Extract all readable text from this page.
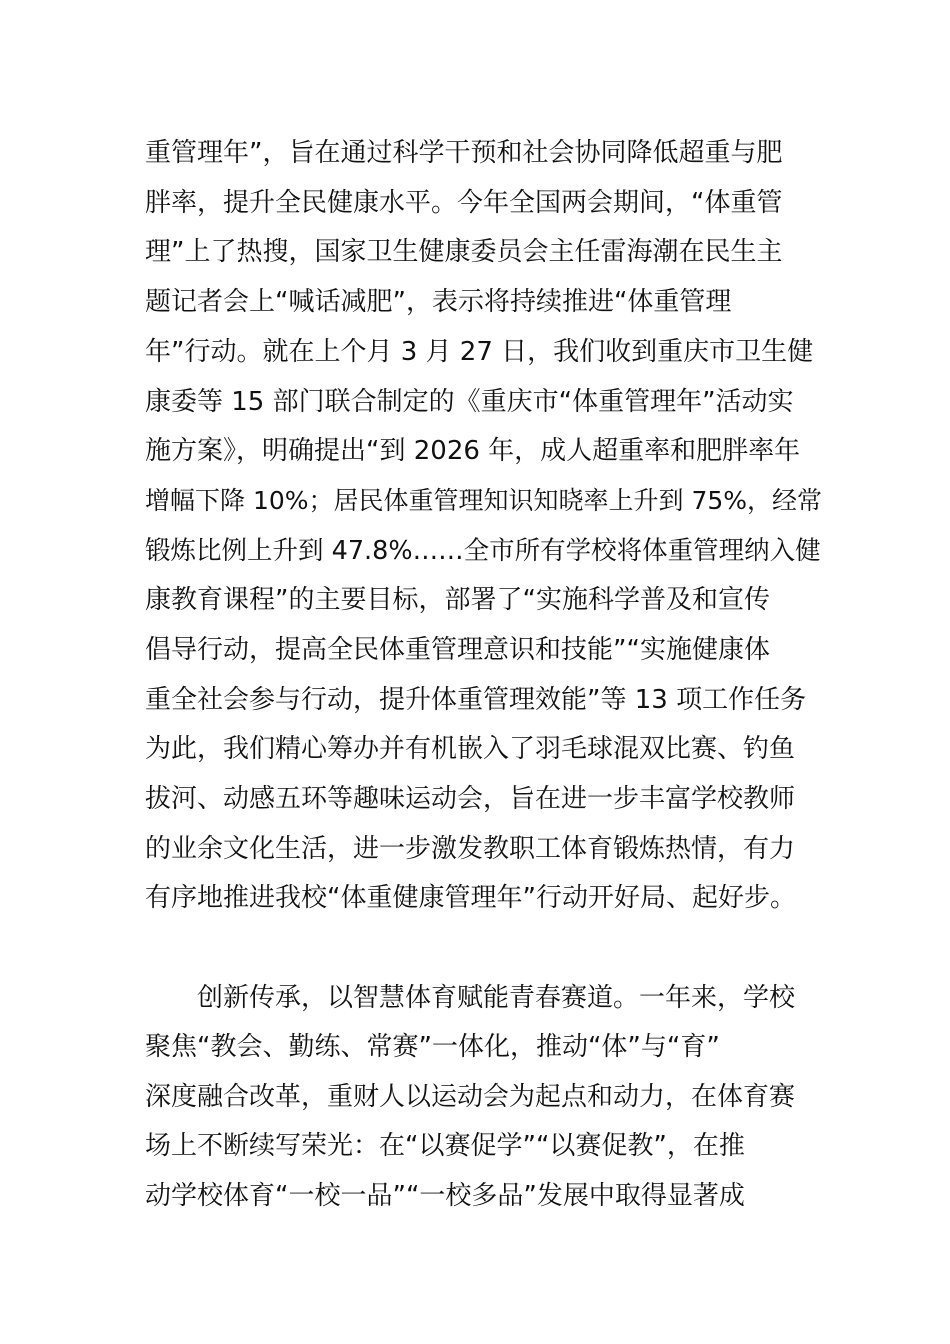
重管理年”，旨在通过科学干预和社会协同降低超重与肥
胖率，提升全民健康水平。今年全国两会期间，“体重管
理”上了热搜，国家卫生健康委员会主任雷海潮在民生主
题记者会上“喊话减肥”，表示将持续推进“体重管理
年”行动。就在上个月 3 月 27 日，我们收到重庆市卫生健
康委等 15 部门联合制定的《重庆市“体重管理年”活动实
施方案》，明确提出“到 2026 年，成人超重率和肥胖率年
增幅下降 10%；居民体重管理知识知晓率上升到 75%，经常
锻炼比例上升到 47.8%……全市所有学校将体重管理纳入健
康教育课程”的主要目标，部署了“实施科学普及和宣传
倡导行动，提高全民体重管理意识和技能”“实施健康体
重全社会参与行动，提升体重管理效能”等 13 项工作任务
为此，我们精心筹办并有机嵌入了羽毛球混双比赛、钓鱼
拔河、动感五环等趣味运动会，旨在进一步丰富学校教师
的业余文化生活，进一步激发教职工体育锻炼热情，有力
有序地推进我校“体重健康管理年”行动开好局、起好步。
创新传承，以智慧体育赋能青春赛道。一年来，学校
聚焦“教会、勤练、常赛”一体化，推动“体”与“育”
深度融合改革，重财人以运动会为起点和动力，在体育赛
场上不断续写荣光：在“以赛促学”“以赛促教”，在推
动学校体育“一校一品”“一校多品”发展中取得显著成
